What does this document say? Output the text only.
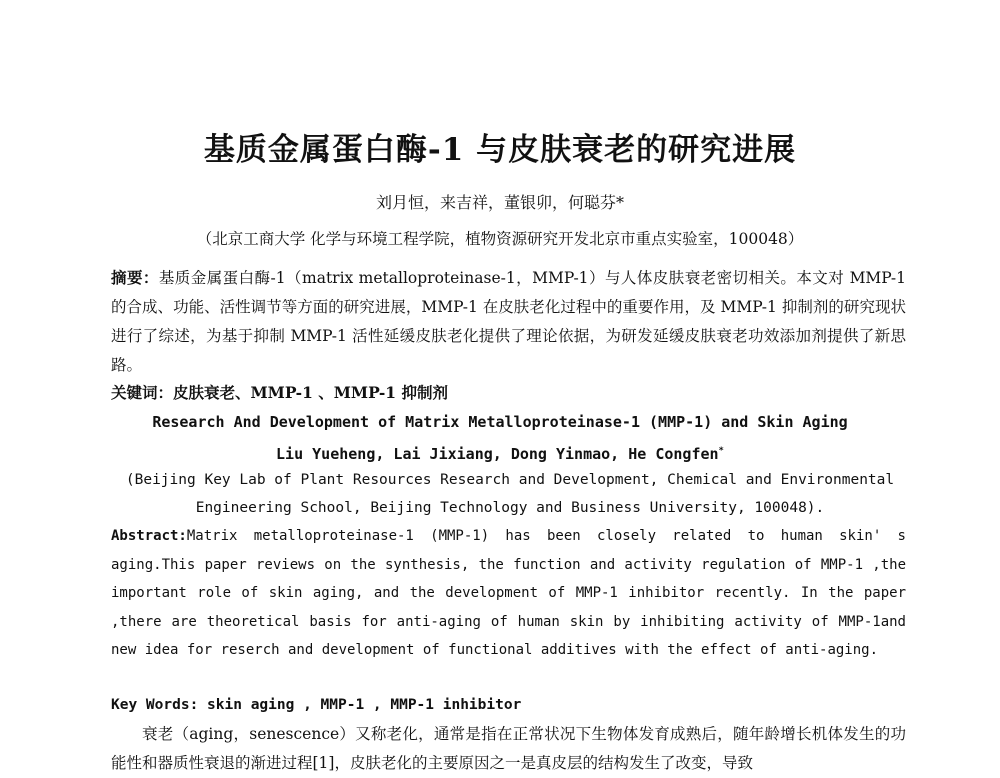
基质金属蛋白酶-1 与皮肤衰老的研究进展
刘月恒，来吉祥，董银卯，何聪芬*
（北京工商大学 化学与环境工程学院，植物资源研究开发北京市重点实验室，100048）
摘要：基质金属蛋白酶-1（matrix metalloproteinase-1，MMP-1）与人体皮肤衰老密切相关。本文对 MMP-1 的合成、功能、活性调节等方面的研究进展，MMP-1 在皮肤老化过程中的重要作用，及 MMP-1 抑制剂的研究现状进行了综述，为基于抑制 MMP-1 活性延缓皮肤老化提供了理论依据，为研发延缓皮肤衰老功效添加剂提供了新思路。
关键词：皮肤衰老、MMP-1 、MMP-1 抑制剂
Research And Development of Matrix Metalloproteinase-1 (MMP-1) and Skin Aging
Liu Yueheng, Lai Jixiang, Dong Yinmao, He Congfen*
(Beijing Key Lab of Plant Resources Research and Development, Chemical and Environmental Engineering School, Beijing Technology and Business University, 100048).
Abstract:Matrix metalloproteinase-1 (MMP-1) has been closely related to human skin' s aging.This paper reviews on the synthesis, the function and activity regulation of MMP-1 ,the important role of skin aging, and the development of MMP-1 inhibitor recently. In the paper ,there are theoretical basis for anti-aging of human skin by inhibiting activity of MMP-1and new idea for reserch and development of functional additives with the effect of anti-aging.
Key Words: skin aging , MMP-1 , MMP-1 inhibitor
衰老（aging，senescence）又称老化，通常是指在正常状况下生物体发育成熟后，随年龄增长机体发生的功能性和器质性衰退的渐进过程[1]，皮肤老化的主要原因之一是真皮层的结构发生了改变，导致
